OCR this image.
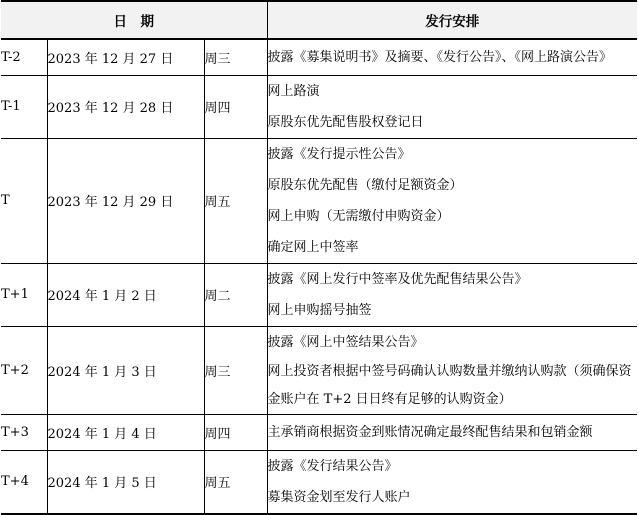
日　期			发行安排
T-2	2023 年 12 月 27 日	周三	披露《募集说明书》及摘要、《发行公告》、《网上路演公告》

T-1	2023 年 12 月 28 日	周四	网上路演
原股东优先配售股权登记日

T	2023 年 12 月 29 日	周五	披露《发行提示性公告》
原股东优先配售（缴付足额资金）
网上申购（无需缴付申购资金）
确定网上中签率

T+1	2024 年 1 月 2 日	周二	披露《网上发行中签率及优先配售结果公告》
网上申购摇号抽签

T+2	2024 年 1 月 3 日	周三	披露《网上中签结果公告》
网上投资者根据中签号码确认认购数量并缴纳认购款（须确保资金账户在 T+2 日日终有足够的认购资金）

T+3	2024 年 1 月 4 日	周四	主承销商根据资金到账情况确定最终配售结果和包销金额

T+4	2024 年 1 月 5 日	周五	披露《发行结果公告》
募集资金划至发行人账户
